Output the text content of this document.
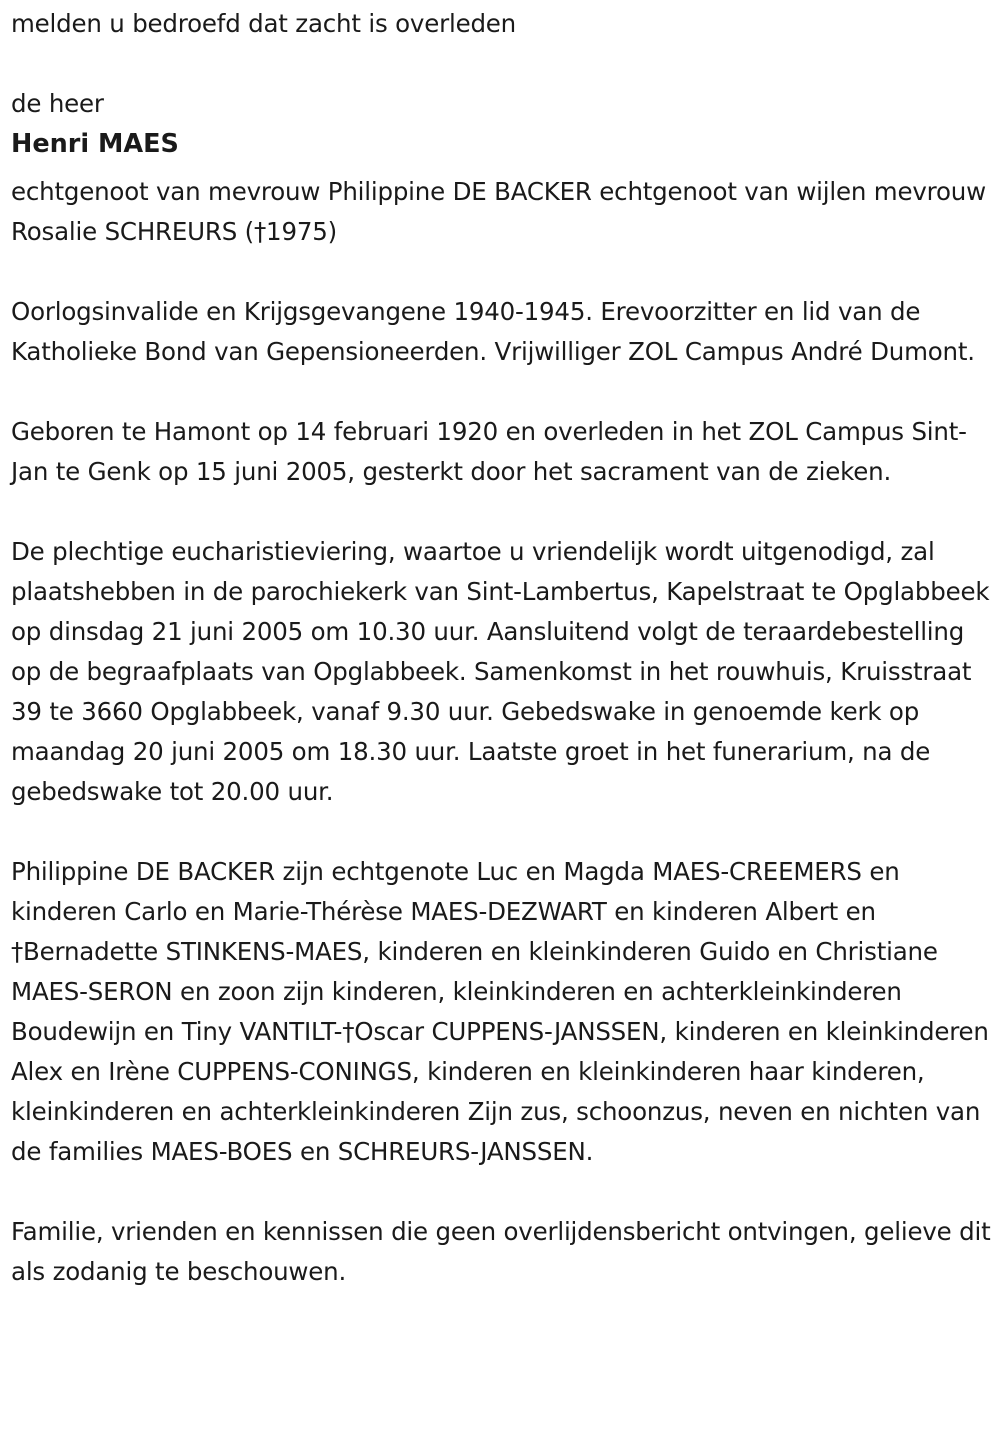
melden u bedroefd dat zacht is overleden

de heer

Henri MAES

echtgenoot van mevrouw Philippine DE BACKER echtgenoot van wijlen mevrouw Rosalie SCHREURS (†1975)

Oorlogsinvalide en Krijgsgevangene 1940-1945. Erevoorzitter en lid van de Katholieke Bond van Gepensioneerden. Vrijwilliger ZOL Campus André Dumont.

Geboren te Hamont op 14 februari 1920 en overleden in het ZOL Campus Sint-Jan te Genk op 15 juni 2005, gesterkt door het sacrament van de zieken.

De plechtige eucharistieviering, waartoe u vriendelijk wordt uitgenodigd, zal plaatshebben in de parochiekerk van Sint-Lambertus, Kapelstraat te Opglabbeek op dinsdag 21 juni 2005 om 10.30 uur. Aansluitend volgt de teraardebestelling op de begraafplaats van Opglabbeek. Samenkomst in het rouwhuis, Kruisstraat 39 te 3660 Opglabbeek, vanaf 9.30 uur. Gebedswake in genoemde kerk op maandag 20 juni 2005 om 18.30 uur. Laatste groet in het funerarium, na de gebedswake tot 20.00 uur.

Philippine DE BACKER zijn echtgenote Luc en Magda MAES-CREEMERS en kinderen Carlo en Marie-Thérèse MAES-DEZWART en kinderen Albert en †Bernadette STINKENS-MAES, kinderen en kleinkinderen Guido en Christiane MAES-SERON en zoon zijn kinderen, kleinkinderen en achterkleinkinderen Boudewijn en Tiny VANTILT-†Oscar CUPPENS-JANSSEN, kinderen en kleinkinderen Alex en Irène CUPPENS-CONINGS, kinderen en kleinkinderen haar kinderen, kleinkinderen en achterkleinkinderen Zijn zus, schoonzus, neven en nichten van de families MAES-BOES en SCHREURS-JANSSEN.

Familie, vrienden en kennissen die geen overlijdensbericht ontvingen, gelieve dit als zodanig te beschouwen.
